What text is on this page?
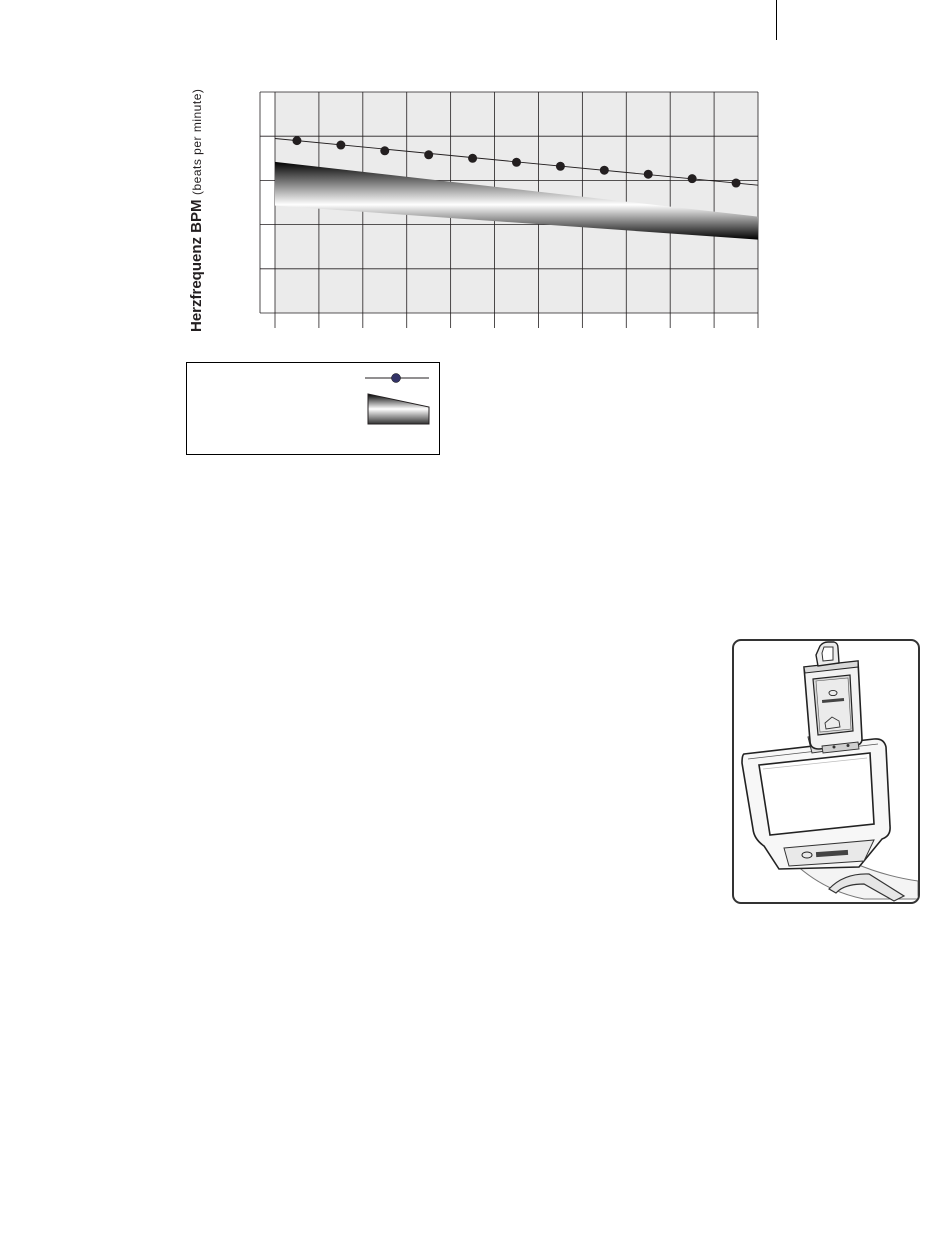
Herzfrequenz BPM (beats per minute)
